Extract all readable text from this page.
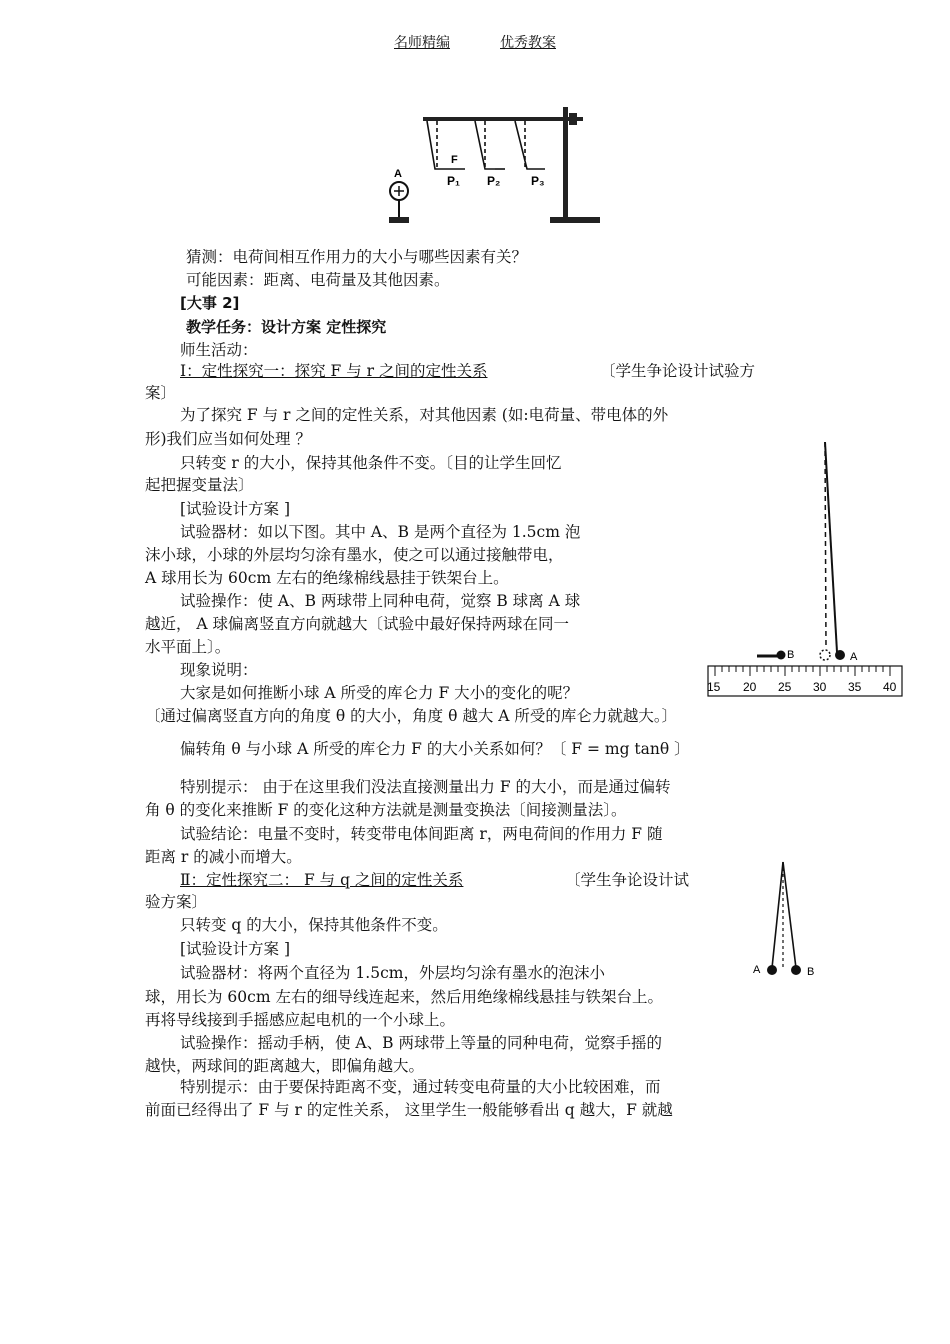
名师精编	优秀教案
F
P₁ P₂	P₃
A
B	A
15 20 25 30 35 40
A	B
猜测：电荷间相互作用力的大小与哪些因素有关？
可能因素：距离、电荷量及其他因素。
[大事 2]
教学任务：设计方案 定性探究
师生活动：
Ⅰ：定性探究一：探究 F 与 r 之间的定性关系	〔学生争论设计试验方
案〕
为了探究 F 与 r 之间的定性关系，对其他因素 (如:电荷量、带电体的外
形)我们应当如何处理 ？
只转变 r 的大小，保持其他条件不变。〔目的让学生回忆
起把握变量法〕
[试验设计方案 ]
试验器材：如以下图。其中 A、B 是两个直径为 1.5cm 泡
沫小球，小球的外层均匀涂有墨水，使之可以通过接触带电，
A 球用长为 60cm 左右的绝缘棉线悬挂于铁架台上。
试验操作：使 A、B 两球带上同种电荷，觉察 B 球离 A 球
越近， A 球偏离竖直方向就越大〔试验中最好保持两球在同一
水平面上〕。
现象说明：
大家是如何推断小球 A 所受的库仑力 F 大小的变化的呢？
〔通过偏离竖直方向的角度 θ 的大小，角度 θ 越大 A 所受的库仑力就越大。〕
偏转角 θ 与小球 A 所受的库仑力 F 的大小关系如何？〔 F = mg tanθ 〕
特别提示： 由于在这里我们没法直接测量出力 F 的大小，而是通过偏转
角 θ 的变化来推断 F 的变化这种方法就是测量变换法〔间接测量法〕。
试验结论：电量不变时，转变带电体间距离 r，两电荷间的作用力 F 随
距离 r 的减小而增大。
Ⅱ：定性探究二： F 与 q 之间的定性关系	〔学生争论设计试
验方案〕
只转变 q 的大小，保持其他条件不变。
[试验设计方案 ]
试验器材：将两个直径为 1.5cm，外层均匀涂有墨水的泡沫小
球，用长为 60cm 左右的细导线连起来，然后用绝缘棉线悬挂与铁架台上。
再将导线接到手摇感应起电机的一个小球上。
试验操作：摇动手柄，使 A、B 两球带上等量的同种电荷，觉察手摇的
越快，两球间的距离越大，即偏角越大。
特别提示：由于要保持距离不变，通过转变电荷量的大小比较困难，而
前面已经得出了 F 与 r 的定性关系， 这里学生一般能够看出 q 越大，F 就越
